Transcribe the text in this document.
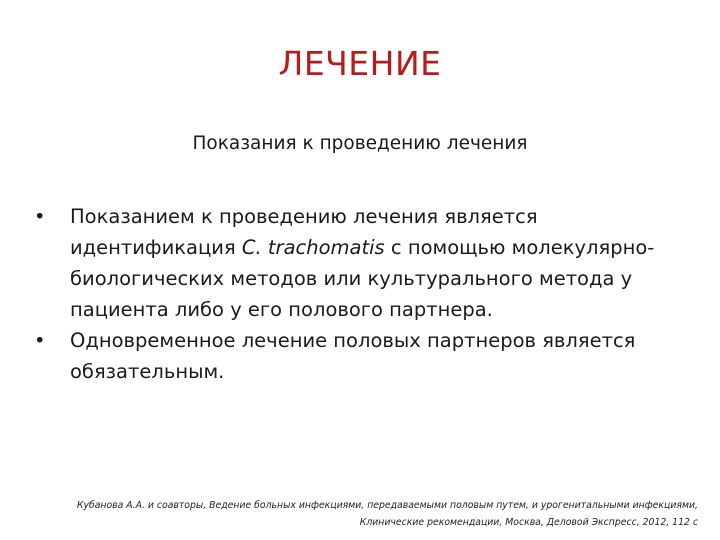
ЛЕЧЕНИЕ
Показания к проведению лечения
Показанием к проведению лечения является идентификация C. trachomatis с помощью молекулярно-биологических методов или культурального метода у пациента либо у его полового партнера.
Одновременное лечение половых партнеров является обязательным.
Кубанова А.А. и соавторы, Ведение больных инфекциями, передаваемыми половым путем, и урогенитальными инфекциями, Клинические рекомендации, Москва, Деловой Экспресс, 2012, 112 с
